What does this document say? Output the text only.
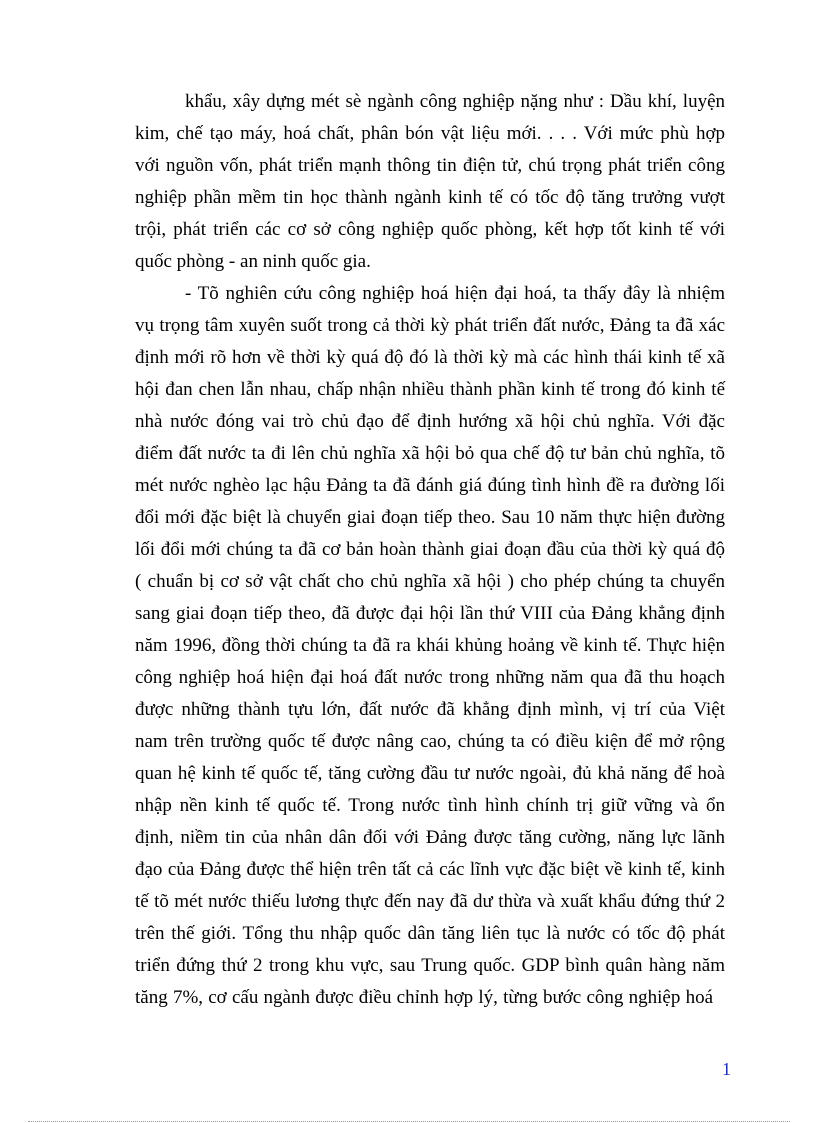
khẩu, xây dựng mét sè ngành công nghiệp nặng như : Dầu khí, luyện
kim, chế tạo máy, hoá chất, phân bón vật liệu mới. . . . Với mức phù hợp
với nguồn vốn, phát triển mạnh thông tin điện tử, chú trọng phát triển công
nghiệp phần mềm tin học thành ngành kinh tế có tốc độ tăng trưởng vượt
trội, phát triển các cơ sở công nghiệp quốc phòng, kết hợp tốt kinh tế với
quốc phòng - an ninh quốc gia.
- Tõ nghiên cứu công nghiệp hoá hiện đại hoá, ta thấy đây là nhiệm
vụ trọng tâm xuyên suốt trong cả thời kỳ phát triển đất nước, Đảng ta đã xác
định mới rõ hơn về thời kỳ quá độ đó là thời kỳ mà các hình thái kinh tế xã
hội đan chen lẫn nhau, chấp nhận nhiều thành phần kinh tế trong đó kinh tế
nhà nước đóng vai trò chủ đạo để định hướng xã hội chủ nghĩa. Với đặc
điểm đất nước ta đi lên chủ nghĩa xã hội bỏ qua chế độ tư bản chủ nghĩa, tõ
mét nước nghèo lạc hậu Đảng ta đã đánh giá đúng tình hình đề ra đường lối
đổi mới đặc biệt là chuyển giai đoạn tiếp theo. Sau 10 năm thực hiện đường
lối đổi mới chúng ta đã cơ bản hoàn thành giai đoạn đầu của thời kỳ quá độ
( chuẩn bị cơ sở vật chất cho chủ nghĩa xã hội ) cho phép chúng ta chuyển
sang giai đoạn tiếp theo, đã được đại hội lần thứ VIII của Đảng khẳng định
năm 1996, đồng thời chúng ta đã ra khái khủng hoảng về kinh tế. Thực hiện
công nghiệp hoá hiện đại hoá đất nước trong những năm qua đã thu hoạch
được những thành tựu lớn, đất nước đã khẳng định mình, vị trí của Việt
nam trên trường quốc tế được nâng cao, chúng ta có điều kiện để mở rộng
quan hệ kinh tế quốc tế, tăng cường đầu tư nước ngoài, đủ khả năng để hoà
nhập nền kinh tế quốc tế. Trong nước tình hình chính trị giữ vững và ổn
định, niềm tin của nhân dân đối với Đảng được tăng cường, năng lực lãnh
đạo của Đảng được thể hiện trên tất cả các lĩnh vực đặc biệt về kinh tế, kinh
tế tõ mét nước thiếu lương thực đến nay đã dư thừa và xuất khẩu đứng thứ 2
trên thế giới. Tổng thu nhập quốc dân tăng liên tục là nước có tốc độ phát
triển đứng thứ 2 trong khu vực, sau Trung quốc. GDP bình quân hàng năm
tăng 7%, cơ cấu ngành được điều chỉnh hợp lý, từng bước công nghiệp hoá
1
